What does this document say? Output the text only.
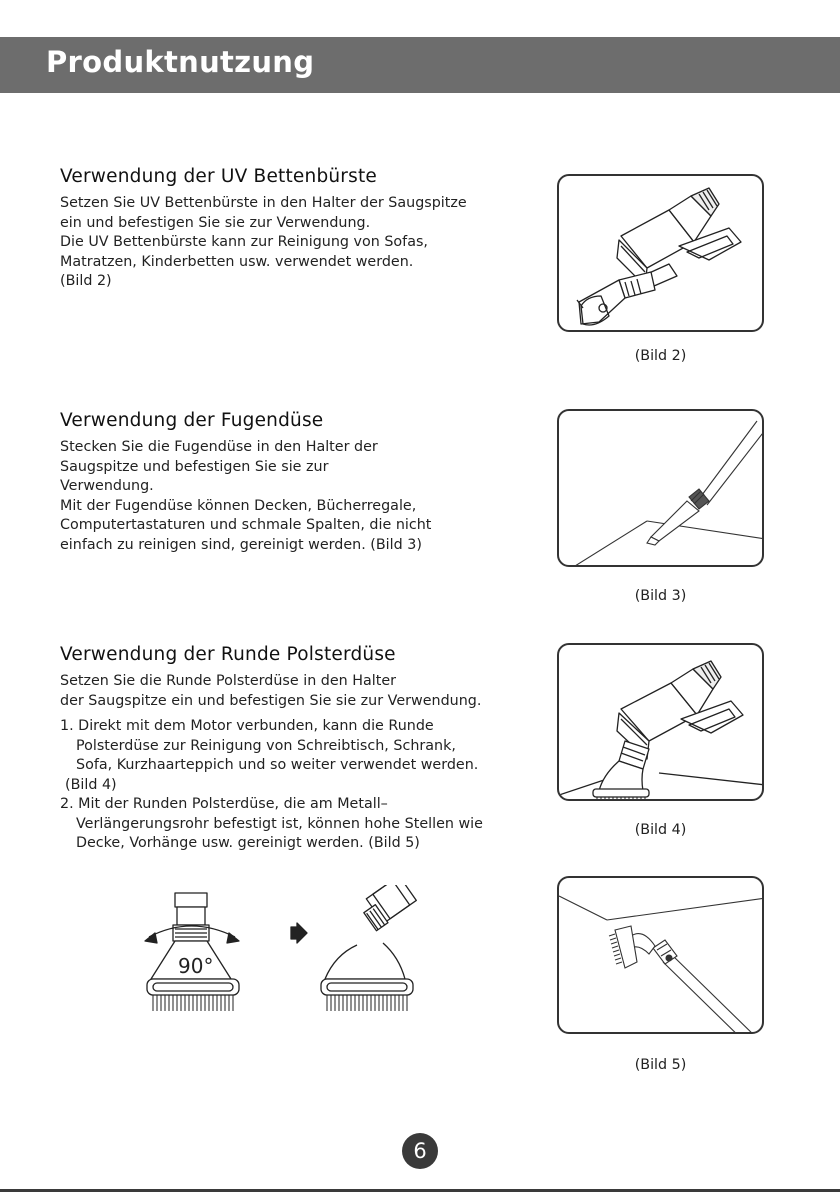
Produktnutzung
Verwendung der UV Bettenbürste
Setzen Sie UV Bettenbürste in den Halter der Saugspitze
ein und befestigen Sie sie zur Verwendung.
Die UV Bettenbürste kann zur Reinigung von Sofas,
Matratzen, Kinderbetten usw. verwendet werden.
(Bild 2)
Verwendung der Fugendüse
Stecken Sie die Fugendüse in den Halter der
Saugspitze und befestigen Sie sie zur
Verwendung.
Mit der Fugendüse können Decken, Bücherregale,
Computertastaturen und schmale Spalten, die nicht
einfach zu reinigen sind, gereinigt werden. (Bild 3)
Verwendung der Runde Polsterdüse
Setzen Sie die Runde Polsterdüse in den Halter
der Saugspitze ein und befestigen Sie sie zur Verwendung.
1. Direkt mit dem Motor verbunden, kann die Runde
Polsterdüse zur Reinigung von Schreibtisch, Schrank,
Sofa, Kurzhaarteppich und so weiter verwendet werden.
(Bild 4)
2. Mit der Runden Polsterdüse, die am Metall–
Verlängerungsrohr befestigt ist, können hohe Stellen wie
Decke, Vorhänge usw. gereinigt werden. (Bild 5)
(Bild 2)
(Bild 3)
(Bild 4)
(Bild 5)
90°
6
